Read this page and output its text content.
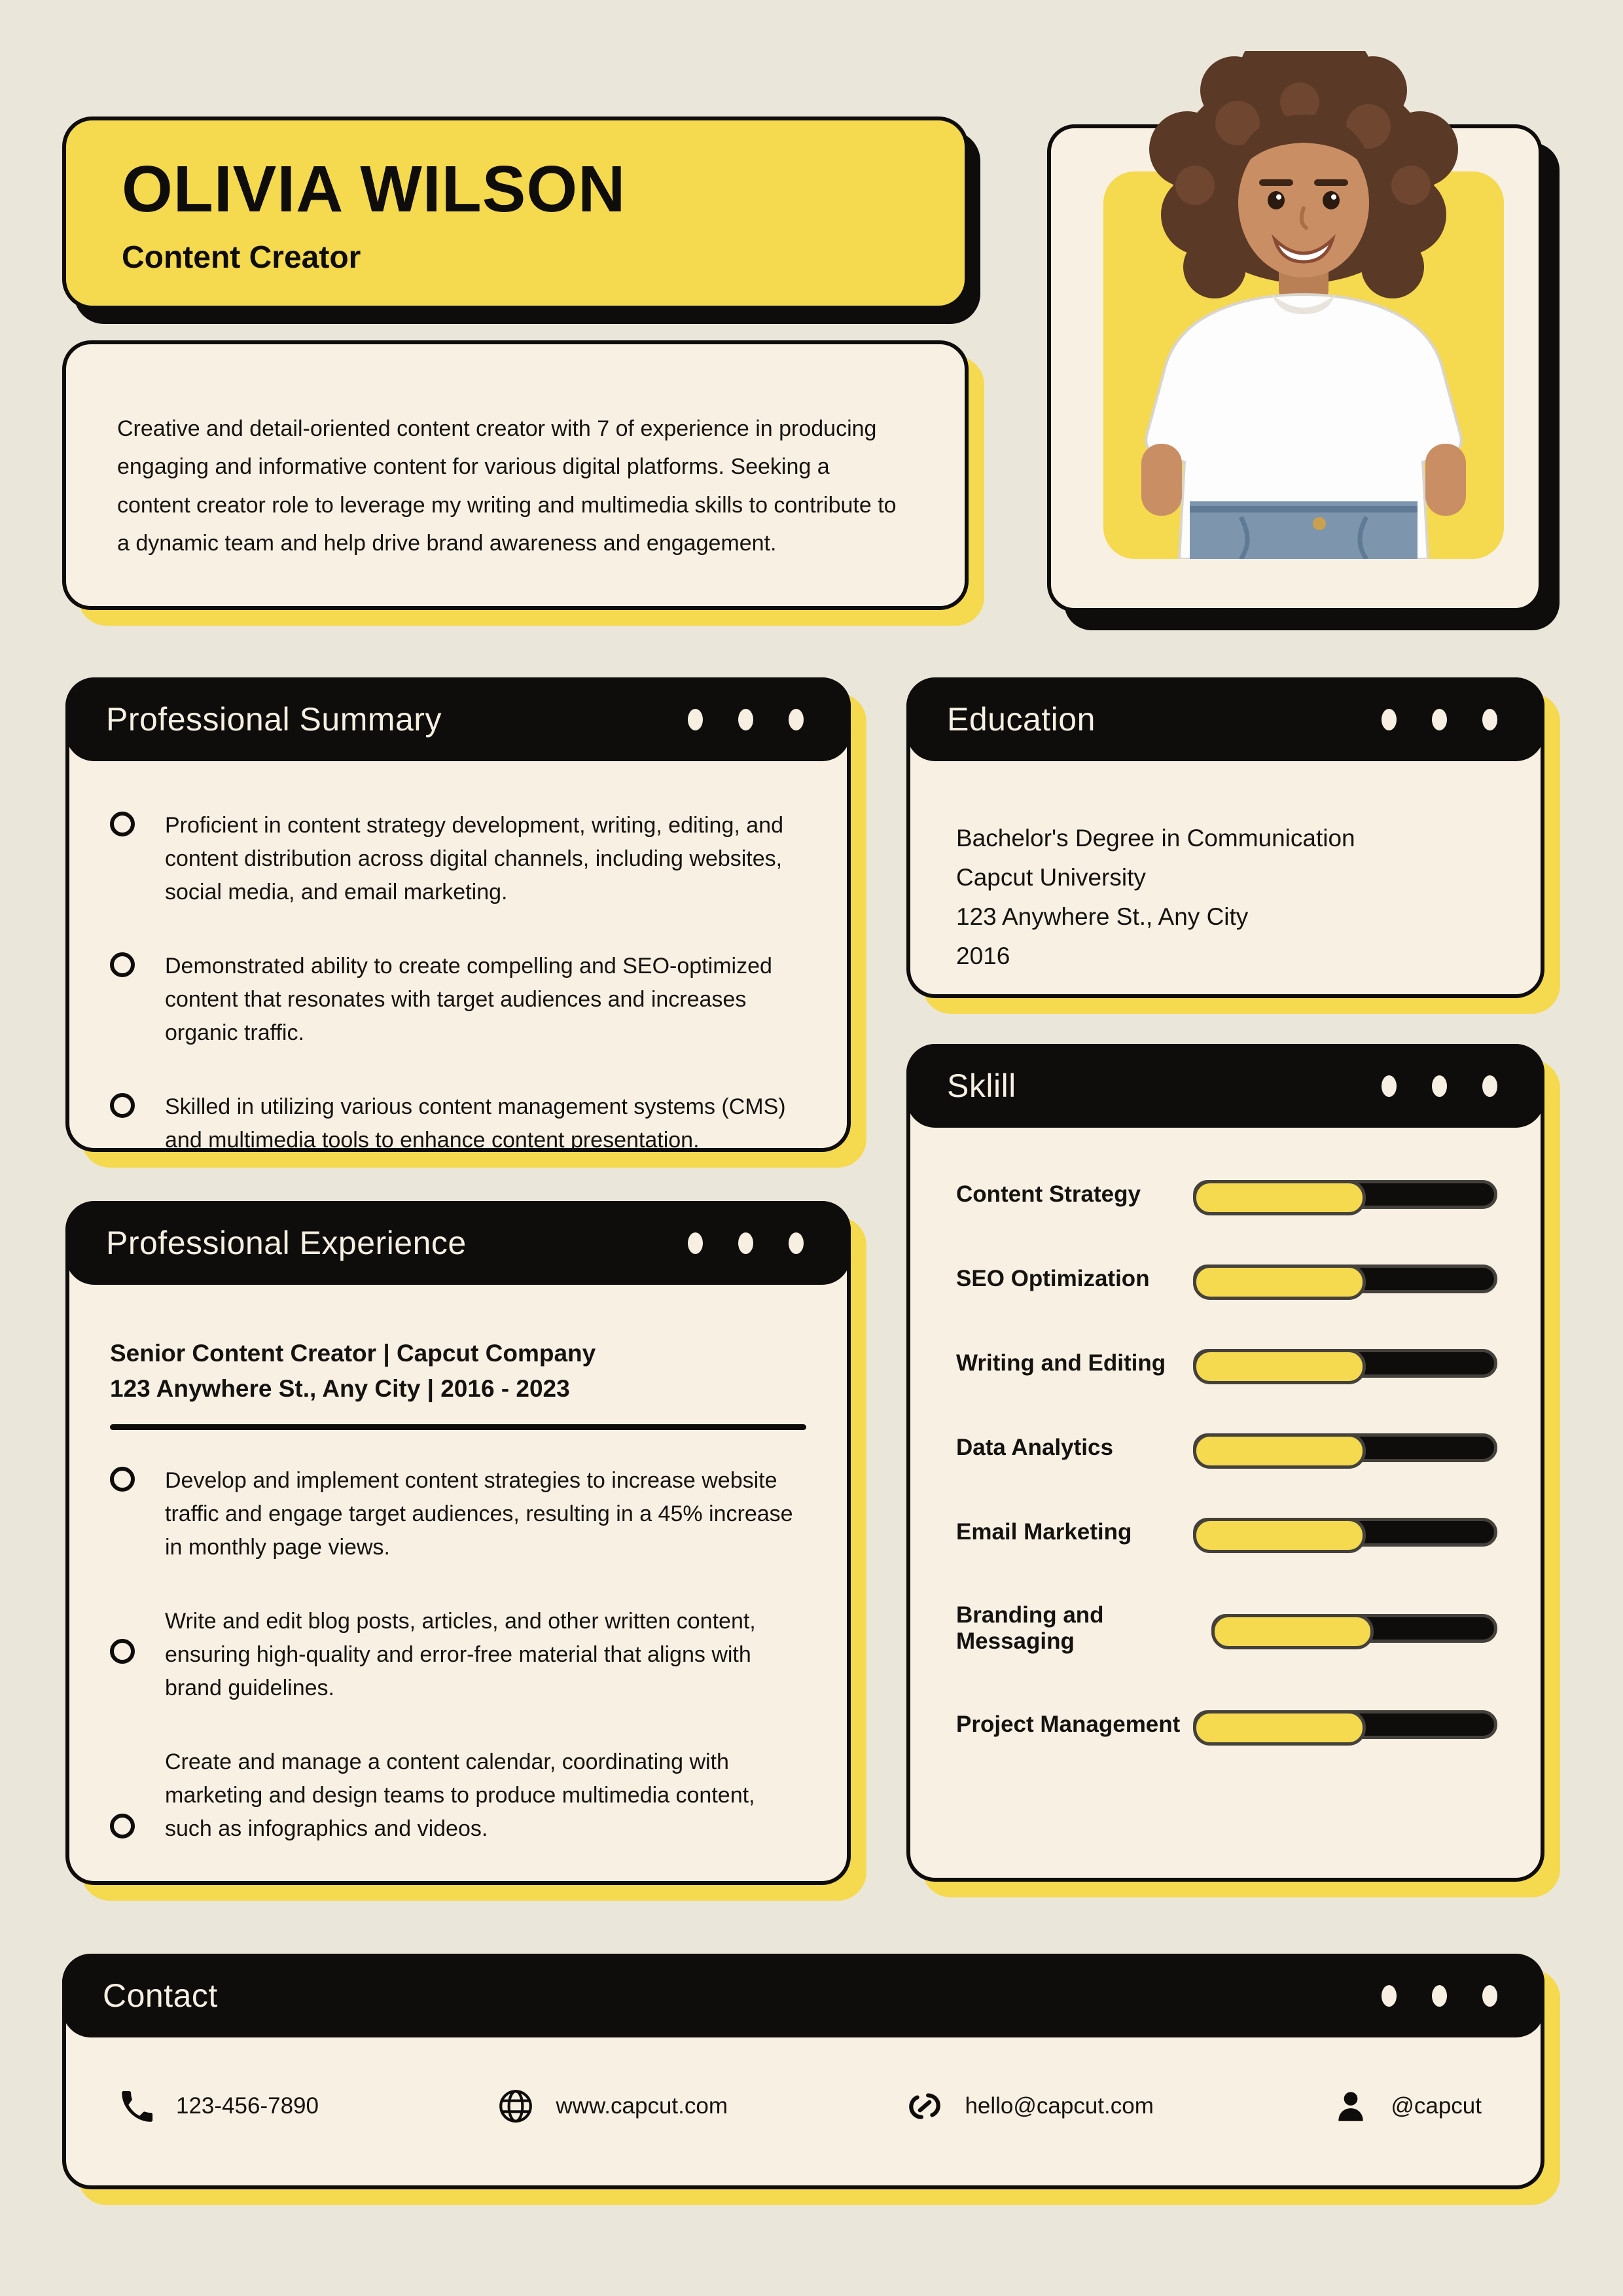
OLIVIA WILSON
Content Creator

Creative and detail-oriented content creator with 7 of experience in producing engaging and informative content for various digital platforms. Seeking a content creator role to leverage my writing and multimedia skills to contribute to a dynamic team and help drive brand awareness and engagement.

Professional Summary
Proficient in content strategy development, writing, editing, and content distribution across digital channels, including websites, social media, and email marketing.
Demonstrated ability to create compelling and SEO-optimized content that resonates with target audiences and increases organic traffic.
Skilled in utilizing various content management systems (CMS) and multimedia tools to enhance content presentation.
Education
Bachelor's Degree in Communication
Capcut University
123 Anywhere St., Any City
2016
Sklill
Content Strategy
SEO Optimization
Writing and Editing
Data Analytics
Email Marketing
Branding and Messaging
Project Management
Professional Experience
Senior Content Creator | Capcut Company
123 Anywhere St., Any City | 2016 - 2023
Develop and implement content strategies to increase website traffic and engage target audiences, resulting in a 45% increase in monthly page views.
Write and edit blog posts, articles, and other written content, ensuring high-quality and error-free material that aligns with brand guidelines.
Create and manage a content calendar, coordinating with marketing and design teams to produce multimedia content, such as infographics and videos.
Contact
123-456-7890	www.capcut.com	hello@capcut.com	@capcut
